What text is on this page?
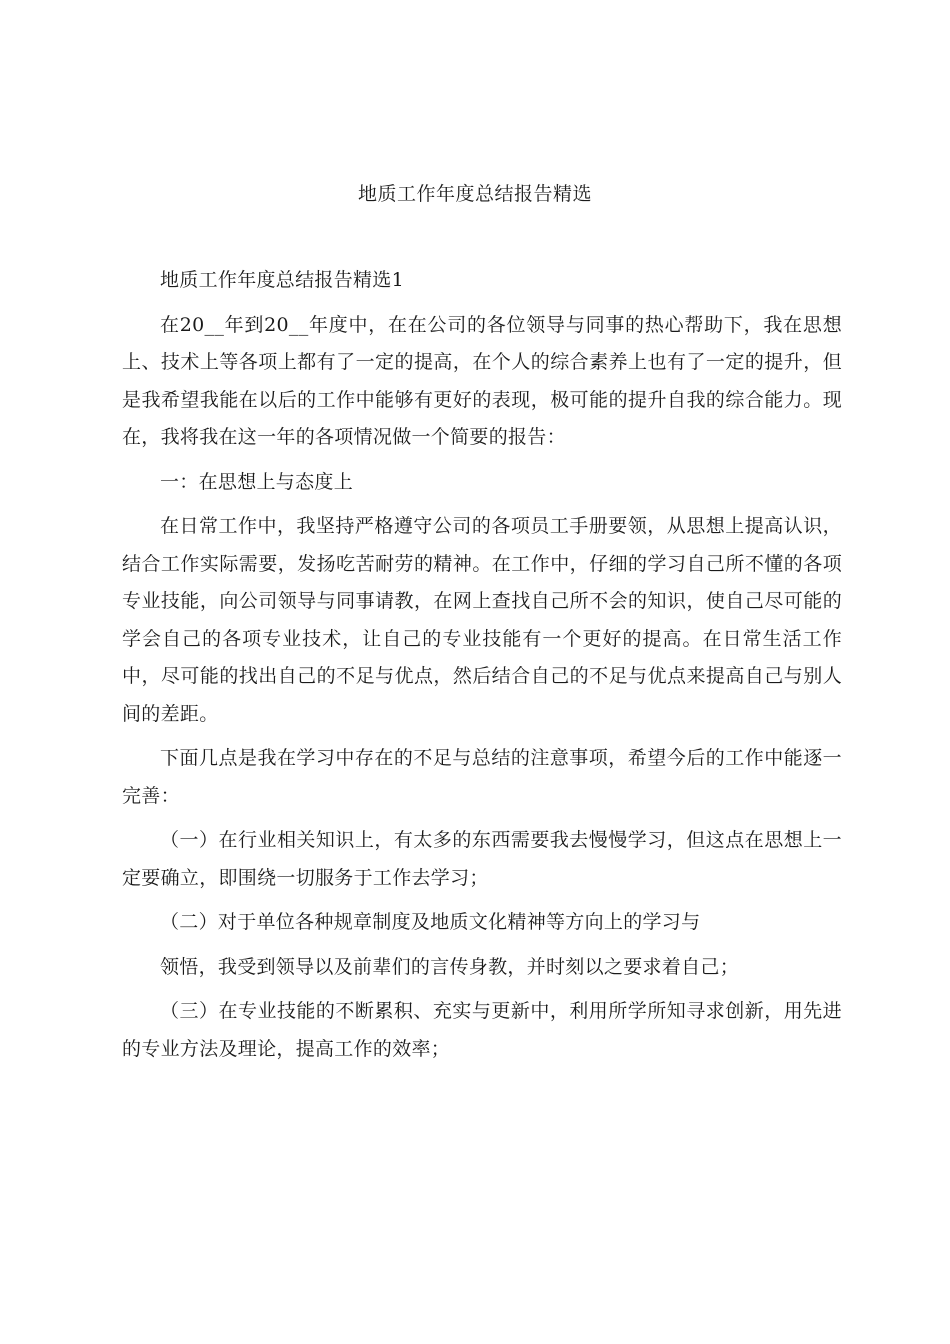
地质工作年度总结报告精选

地质工作年度总结报告精选1

在20__年到20__年度中，在在公司的各位领导与同事的热心帮助下，我在思想上、技术上等各项上都有了一定的提高，在个人的综合素养上也有了一定的提升，但是我希望我能在以后的工作中能够有更好的表现，极可能的提升自我的综合能力。现在，我将我在这一年的各项情况做一个简要的报告：

一：在思想上与态度上

在日常工作中，我坚持严格遵守公司的各项员工手册要领，从思想上提高认识，结合工作实际需要，发扬吃苦耐劳的精神。在工作中，仔细的学习自己所不懂的各项专业技能，向公司领导与同事请教，在网上查找自己所不会的知识，使自己尽可能的学会自己的各项专业技术，让自己的专业技能有一个更好的提高。在日常生活工作中，尽可能的找出自己的不足与优点，然后结合自己的不足与优点来提高自己与别人间的差距。

下面几点是我在学习中存在的不足与总结的注意事项，希望今后的工作中能逐一完善：

（一）在行业相关知识上，有太多的东西需要我去慢慢学习，但这点在思想上一定要确立，即围绕一切服务于工作去学习；

（二）对于单位各种规章制度及地质文化精神等方向上的学习与

领悟，我受到领导以及前辈们的言传身教，并时刻以之要求着自己；

（三）在专业技能的不断累积、充实与更新中，利用所学所知寻求创新，用先进的专业方法及理论，提高工作的效率；
